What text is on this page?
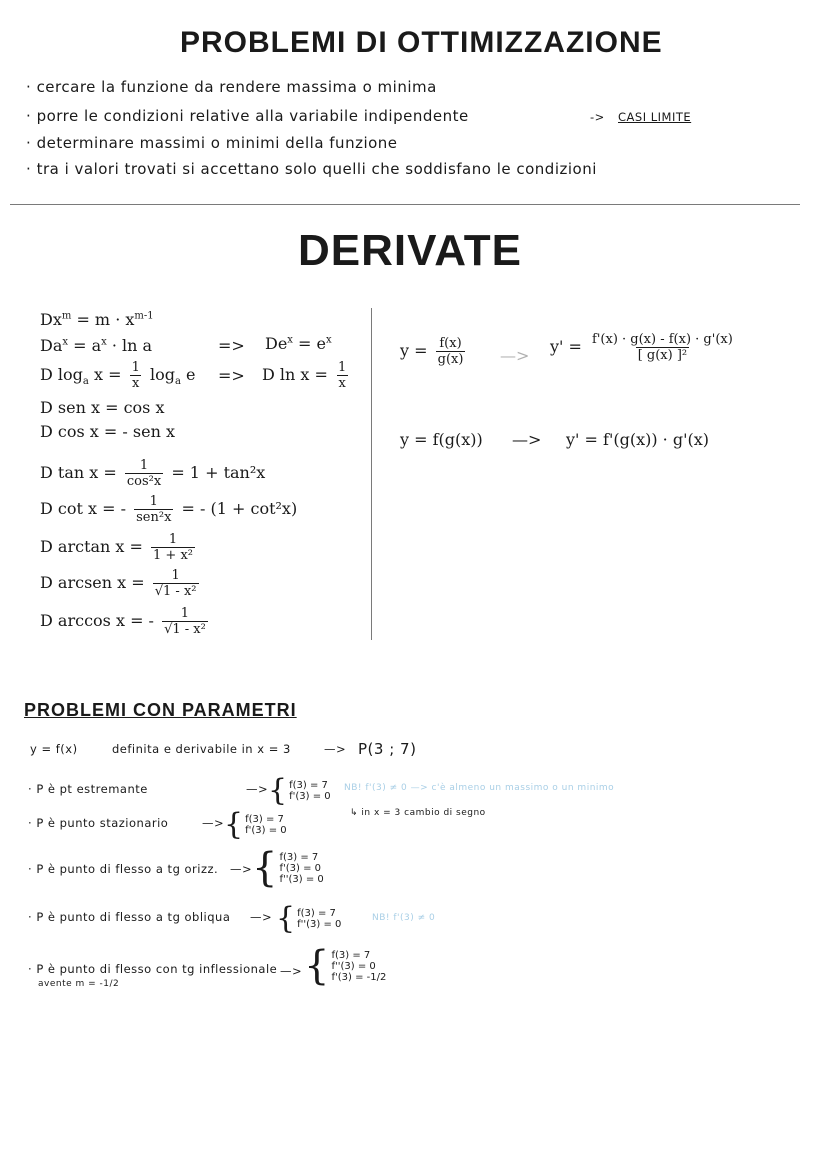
PROBLEMI DI OTTIMIZZAZIONE
· cercare la funzione da rendere massima o minima
· porre le condizioni relative alla variabile indipendente	-> CASI LIMITE
· determinare massimi o minimi della funzione
· tra i valori trovati si accettano solo quelli che soddisfano le condizioni
DERIVATE
$Dx^m = m \cdot x^{m-1}$
$Da^x = a^x \cdot \ln a$	=> $De^x = e^x$
D $\log_a x = \frac{1}{x} \log_a e => D$ $\ln x = \frac{1}{x}$
D sen x = cos x
D cos x = - sen x
D $\tan x = \frac{1}{\text{cos²x}} = 1 + \tan^2x$
D cot x = - $\frac{1}{\text{sen²x}}$ = - (1 + cot²x)
D $\arctan x = \frac{1}{\text{1 + x²}}$
D arcsen $x = \frac{1}{\text{√1 - x²}}$
D arccos x = - $\frac{1}{\text{√1 - x²}}$
$y = \frac{f(x)}{g(x)}$ —> $y' = \frac{f'(x) \cdot g(x) - f(x) \cdot g'(x)}{\text{[ g(x) ]²}}$
y = f(g(x)) —> y' = f'(g(x)) · g'(x)
PROBLEMI CON PARAMETRI
y = f(x)	definita e derivabile in x = 3	—> P(3 ; 7)
· P è pt estremante	—> { f(3) = 7
f'(3) = 0
NB! f'(3) ≠ 0 —> c'è almeno un massimo o un minimo
↳ in x = 3 cambio di segno
· P è punto stazionario	—> { f(3) = 7
f'(3) = 0
· P è punto di flesso a tg orizz. —> { f(3) = 7
f'(3) = 0
f''(3) = 0
· P è punto di flesso a tg obliqua —> { f(3) = 7
f''(3) = 0
NB! f'(3) ≠ 0
· P è punto di flesso con tg inflessionale
avente m = -1/2
—> { f(3) = 7
f''(3) = 0
f'(3) = -1/2
